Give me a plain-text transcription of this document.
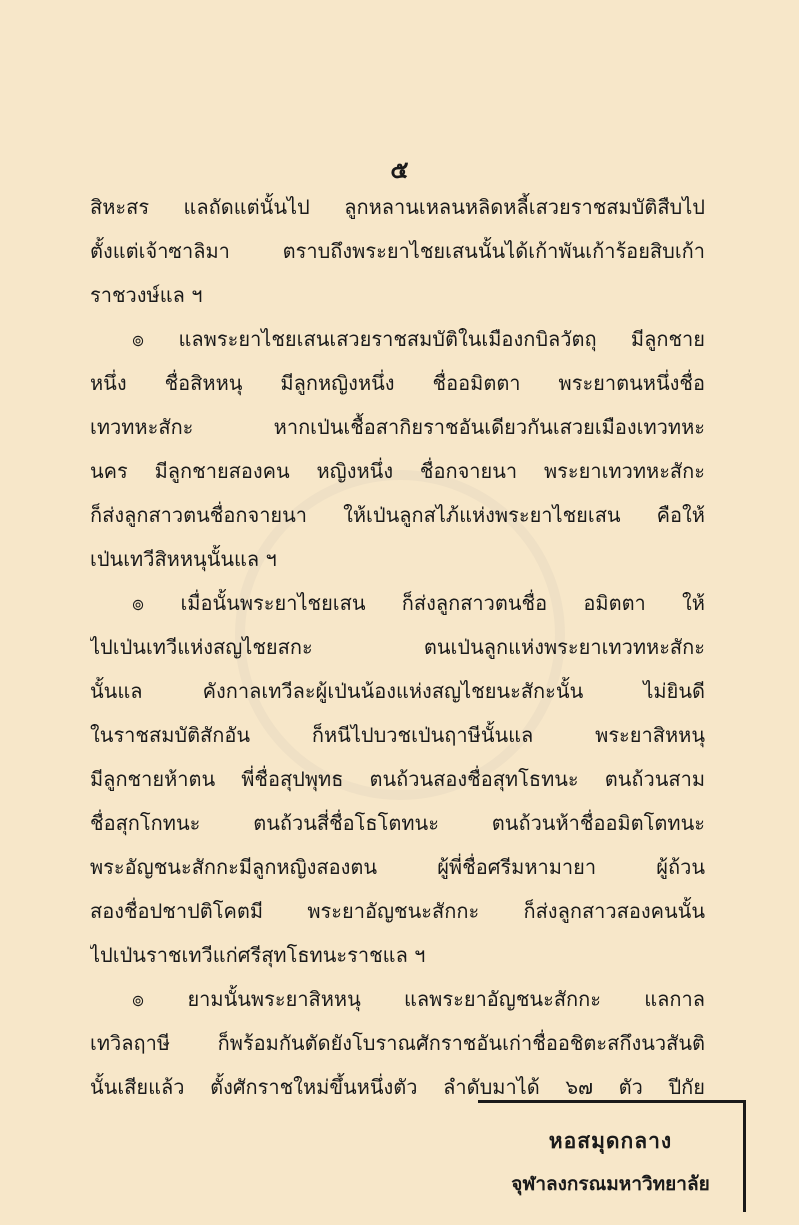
๕
สิหะสร แลถัดแต่นั้นไป ลูกหลานเหลนหลิดหลี้เสวยราชสมบัติสืบไป
ตั้งแต่เจ้าซาลิมา ตราบถึงพระยาไชยเสนนั้นได้เก้าพันเก้าร้อยสิบเก้า
ราชวงษ์แล ฯ
๏ แลพระยาไชยเสนเสวยราชสมบัติในเมืองกบิลวัตถุ มีลูกชาย
หนึ่ง ชื่อสิหหนุ มีลูกหญิงหนึ่ง ชื่ออมิตตา พระยาตนหนึ่งชื่อ
เทวทหะสักะ หากเป่นเชื้อสากิยราชอันเดียวกันเสวยเมืองเทวทหะ
นคร มีลูกชายสองคน หญิงหนึ่ง ชื่อกจายนา พระยาเทวทหะสักะ
ก็ส่งลูกสาวตนชื่อกจายนา ให้เป่นลูกสไภ้แห่งพระยาไชยเสน คือให้
เป่นเทวีสิหหนุนั้นแล ฯ
๏ เมื่อนั้นพระยาไชยเสน ก็ส่งลูกสาวตนชื่อ อมิตตา ให้
ไปเป่นเทวีแห่งสญไชยสกะ ตนเป่นลูกแห่งพระยาเทวทหะสักะ
นั้นแล คังกาลเทวีละผู้เป่นน้องแห่งสญไชยนะสักะนั้น ไม่ยินดี
ในราชสมบัติสักอัน ก็หนีไปบวชเป่นฤาษีนั้นแล พระยาสิหหนุ
มีลูกชายห้าตน พี่ชื่อสุปพุทธ ตนถ้วนสองชื่อสุทโธทนะ ตนถ้วนสาม
ชื่อสุกโกทนะ ตนถ้วนสี่ชื่อโธโตทนะ ตนถ้วนห้าชื่ออมิตโตทนะ
พระอัญชนะสักกะมีลูกหญิงสองตน ผู้พี่ชื่อศรีมหามายา ผู้ถ้วน
สองชื่อปชาปติโคตมี พระยาอัญชนะสักกะ ก็ส่งลูกสาวสองคนนั้น
ไปเป่นราชเทวีแก่ศรีสุทโธทนะราชแล ฯ
๏ ยามนั้นพระยาสิหหนุ แลพระยาอัญชนะสักกะ แลกาล
เทวิลฤาษี ก็พร้อมกันตัดยังโบราณศักราชอันเก่าชื่ออชิตะสกึงนวสันติ
นั้นเสียแล้ว ตั้งศักราชใหม่ขึ้นหนึ่งตัว ลำดับมาได้ ๖๗ ตัว ปีกัย
หอสมุดกลาง
จุฬาลงกรณมหาวิทยาลัย
